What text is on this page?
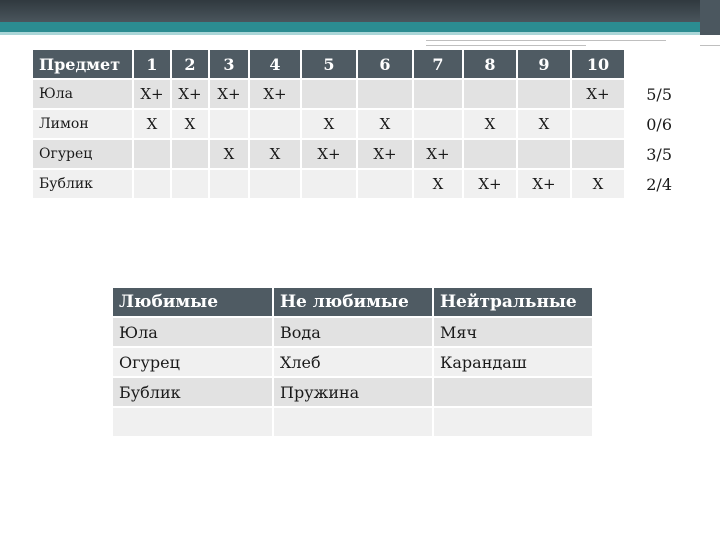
Предмет	1	2	3	4	5	6	7	8	9	10	
Юла	Х+	Х+	Х+	Х+						Х+	5/5
Лимон	Х	Х			Х	Х		Х	Х		0/6
Огурец			Х	Х	Х+	Х+	Х+				3/5
Бублик							Х	Х+	Х+	Х	2/4
Любимые	Не любимые	Нейтральные
Юла	Вода	Мяч
Огурец	Хлеб	Карандаш
Бублик	Пружина	
